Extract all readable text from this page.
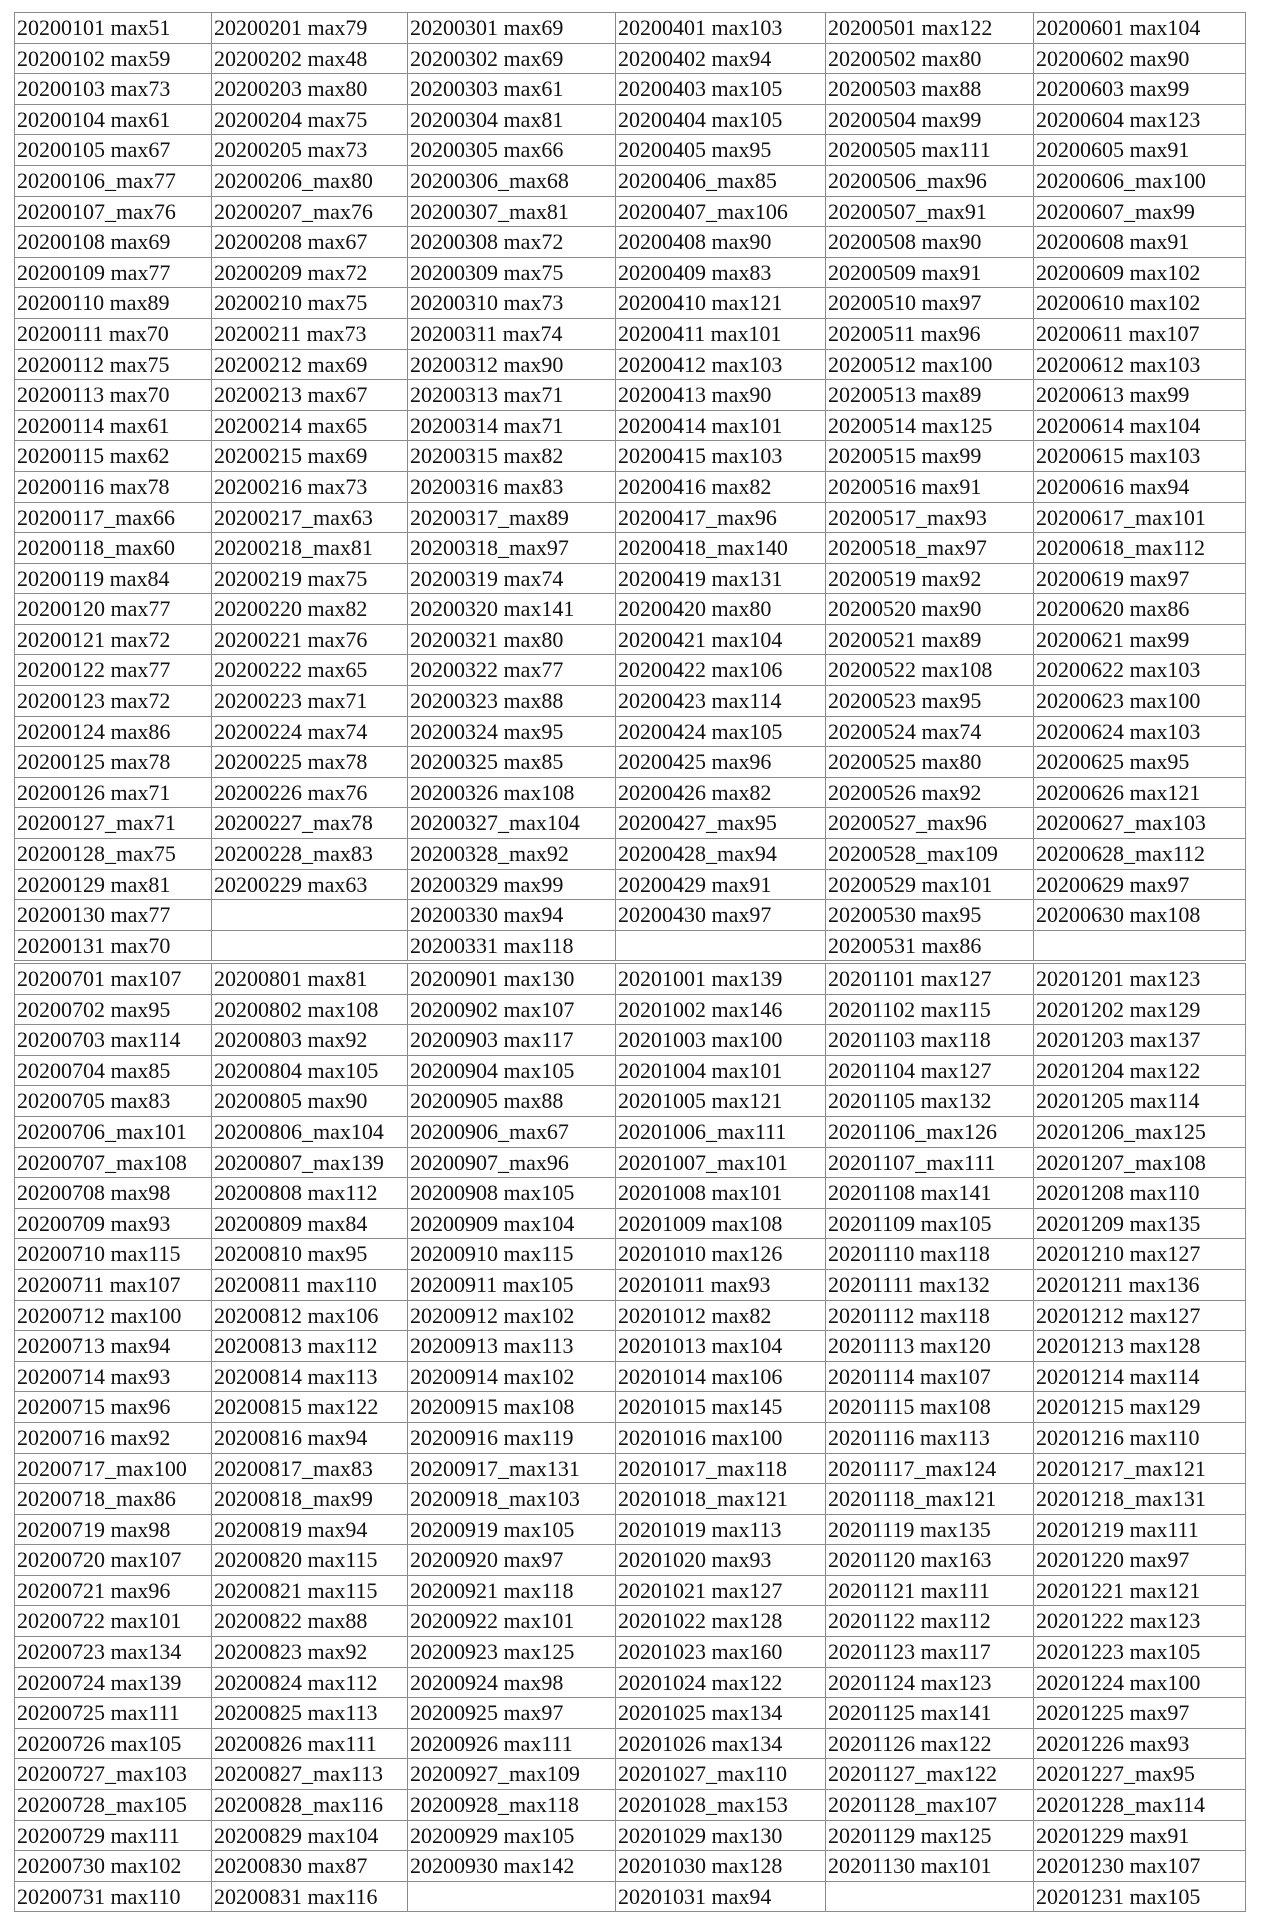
20200101 max51	20200201 max79	20200301 max69	20200401 max103	20200501 max122	20200601 max104

20200102 max59	20200202 max48	20200302 max69	20200402 max94	20200502 max80	20200602 max90

20200103 max73	20200203 max80	20200303 max61	20200403 max105	20200503 max88	20200603 max99

20200104 max61	20200204 max75	20200304 max81	20200404 max105	20200504 max99	20200604 max123

20200105 max67	20200205 max73	20200305 max66	20200405 max95	20200505 max111	20200605 max91

20200106_max77	20200206_max80	20200306_max68	20200406_max85	20200506_max96	20200606_max100

20200107_max76	20200207_max76	20200307_max81	20200407_max106	20200507_max91	20200607_max99

20200108 max69	20200208 max67	20200308 max72	20200408 max90	20200508 max90	20200608 max91

20200109 max77	20200209 max72	20200309 max75	20200409 max83	20200509 max91	20200609 max102

20200110 max89	20200210 max75	20200310 max73	20200410 max121	20200510 max97	20200610 max102

20200111 max70	20200211 max73	20200311 max74	20200411 max101	20200511 max96	20200611 max107

20200112 max75	20200212 max69	20200312 max90	20200412 max103	20200512 max100	20200612 max103

20200113 max70	20200213 max67	20200313 max71	20200413 max90	20200513 max89	20200613 max99

20200114 max61	20200214 max65	20200314 max71	20200414 max101	20200514 max125	20200614 max104

20200115 max62	20200215 max69	20200315 max82	20200415 max103	20200515 max99	20200615 max103

20200116 max78	20200216 max73	20200316 max83	20200416 max82	20200516 max91	20200616 max94

20200117_max66	20200217_max63	20200317_max89	20200417_max96	20200517_max93	20200617_max101

20200118_max60	20200218_max81	20200318_max97	20200418_max140	20200518_max97	20200618_max112

20200119 max84	20200219 max75	20200319 max74	20200419 max131	20200519 max92	20200619 max97

20200120 max77	20200220 max82	20200320 max141	20200420 max80	20200520 max90	20200620 max86

20200121 max72	20200221 max76	20200321 max80	20200421 max104	20200521 max89	20200621 max99

20200122 max77	20200222 max65	20200322 max77	20200422 max106	20200522 max108	20200622 max103

20200123 max72	20200223 max71	20200323 max88	20200423 max114	20200523 max95	20200623 max100

20200124 max86	20200224 max74	20200324 max95	20200424 max105	20200524 max74	20200624 max103

20200125 max78	20200225 max78	20200325 max85	20200425 max96	20200525 max80	20200625 max95

20200126 max71	20200226 max76	20200326 max108	20200426 max82	20200526 max92	20200626 max121

20200127_max71	20200227_max78	20200327_max104	20200427_max95	20200527_max96	20200627_max103

20200128_max75	20200228_max83	20200328_max92	20200428_max94	20200528_max109	20200628_max112

20200129 max81	20200229 max63	20200329 max99	20200429 max91	20200529 max101	20200629 max97

20200130 max77		20200330 max94	20200430 max97	20200530 max95	20200630 max108

20200131 max70		20200331 max118		20200531 max86	

20200701 max107	20200801 max81	20200901 max130	20201001 max139	20201101 max127	20201201 max123

20200702 max95	20200802 max108	20200902 max107	20201002 max146	20201102 max115	20201202 max129

20200703 max114	20200803 max92	20200903 max117	20201003 max100	20201103 max118	20201203 max137

20200704 max85	20200804 max105	20200904 max105	20201004 max101	20201104 max127	20201204 max122

20200705 max83	20200805 max90	20200905 max88	20201005 max121	20201105 max132	20201205 max114

20200706_max101	20200806_max104	20200906_max67	20201006_max111	20201106_max126	20201206_max125

20200707_max108	20200807_max139	20200907_max96	20201007_max101	20201107_max111	20201207_max108

20200708 max98	20200808 max112	20200908 max105	20201008 max101	20201108 max141	20201208 max110

20200709 max93	20200809 max84	20200909 max104	20201009 max108	20201109 max105	20201209 max135

20200710 max115	20200810 max95	20200910 max115	20201010 max126	20201110 max118	20201210 max127

20200711 max107	20200811 max110	20200911 max105	20201011 max93	20201111 max132	20201211 max136

20200712 max100	20200812 max106	20200912 max102	20201012 max82	20201112 max118	20201212 max127

20200713 max94	20200813 max112	20200913 max113	20201013 max104	20201113 max120	20201213 max128

20200714 max93	20200814 max113	20200914 max102	20201014 max106	20201114 max107	20201214 max114

20200715 max96	20200815 max122	20200915 max108	20201015 max145	20201115 max108	20201215 max129

20200716 max92	20200816 max94	20200916 max119	20201016 max100	20201116 max113	20201216 max110

20200717_max100	20200817_max83	20200917_max131	20201017_max118	20201117_max124	20201217_max121

20200718_max86	20200818_max99	20200918_max103	20201018_max121	20201118_max121	20201218_max131

20200719 max98	20200819 max94	20200919 max105	20201019 max113	20201119 max135	20201219 max111

20200720 max107	20200820 max115	20200920 max97	20201020 max93	20201120 max163	20201220 max97

20200721 max96	20200821 max115	20200921 max118	20201021 max127	20201121 max111	20201221 max121

20200722 max101	20200822 max88	20200922 max101	20201022 max128	20201122 max112	20201222 max123

20200723 max134	20200823 max92	20200923 max125	20201023 max160	20201123 max117	20201223 max105

20200724 max139	20200824 max112	20200924 max98	20201024 max122	20201124 max123	20201224 max100

20200725 max111	20200825 max113	20200925 max97	20201025 max134	20201125 max141	20201225 max97

20200726 max105	20200826 max111	20200926 max111	20201026 max134	20201126 max122	20201226 max93

20200727_max103	20200827_max113	20200927_max109	20201027_max110	20201127_max122	20201227_max95

20200728_max105	20200828_max116	20200928_max118	20201028_max153	20201128_max107	20201228_max114

20200729 max111	20200829 max104	20200929 max105	20201029 max130	20201129 max125	20201229 max91

20200730 max102	20200830 max87	20200930 max142	20201030 max128	20201130 max101	20201230 max107

20200731 max110	20200831 max116		20201031 max94		20201231 max105
